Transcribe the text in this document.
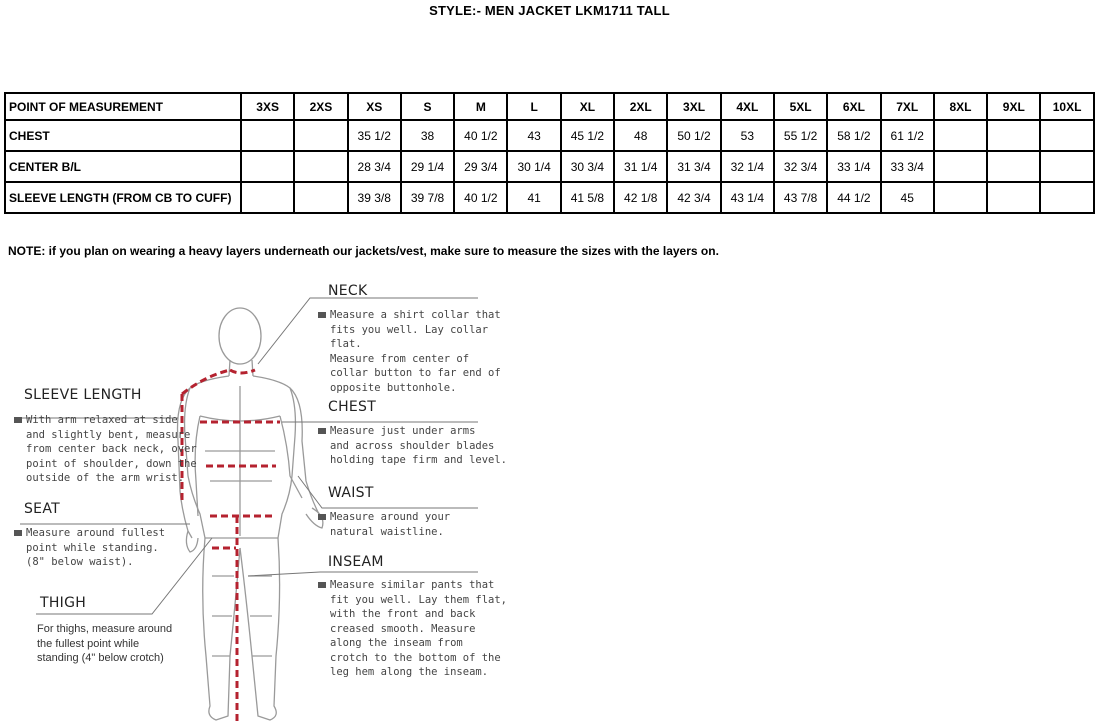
STYLE:- MEN JACKET LKM1711 TALL
POINT OF MEASUREMENT	3XS	2XS	XS	S	M	L	XL	2XL	3XL	4XL	5XL	6XL	7XL	8XL	9XL	10XL
CHEST			35 1/2	38	40 1/2	43	45 1/2	48	50 1/2	53	55 1/2	58 1/2	61 1/2			
CENTER B/L			28 3/4	29 1/4	29 3/4	30 1/4	30 3/4	31 1/4	31 3/4	32 1/4	32 3/4	33 1/4	33 3/4			
SLEEVE LENGTH (FROM CB TO CUFF)			39 3/8	39 7/8	40 1/2	41	41 5/8	42 1/8	42 3/4	43 1/4	43 7/8	44 1/2	45			
NOTE: if you plan on wearing a heavy layers underneath our jackets/vest, make sure to measure the sizes with the layers on.
NECK
Measure a shirt collar that
fits you well. Lay collar flat.
Measure from center of
collar button to far end of
opposite buttonhole.
CHEST
Measure just under arms
and across shoulder blades
holding tape firm and level.
WAIST
Measure around your
natural waistline.
INSEAM
Measure similar pants that
fit you well. Lay them flat,
with the front and back
creased smooth. Measure
along the inseam from
crotch to the bottom of the
leg hem along the inseam.
SLEEVE LENGTH
With arm relaxed at side
and slightly bent, measure
from center back neck, over
point of shoulder, down the
outside of the arm wrist.
SEAT
Measure around fullest
point while standing.
(8" below waist).
THIGH
For thighs, measure around
the fullest point while
standing (4" below crotch)
